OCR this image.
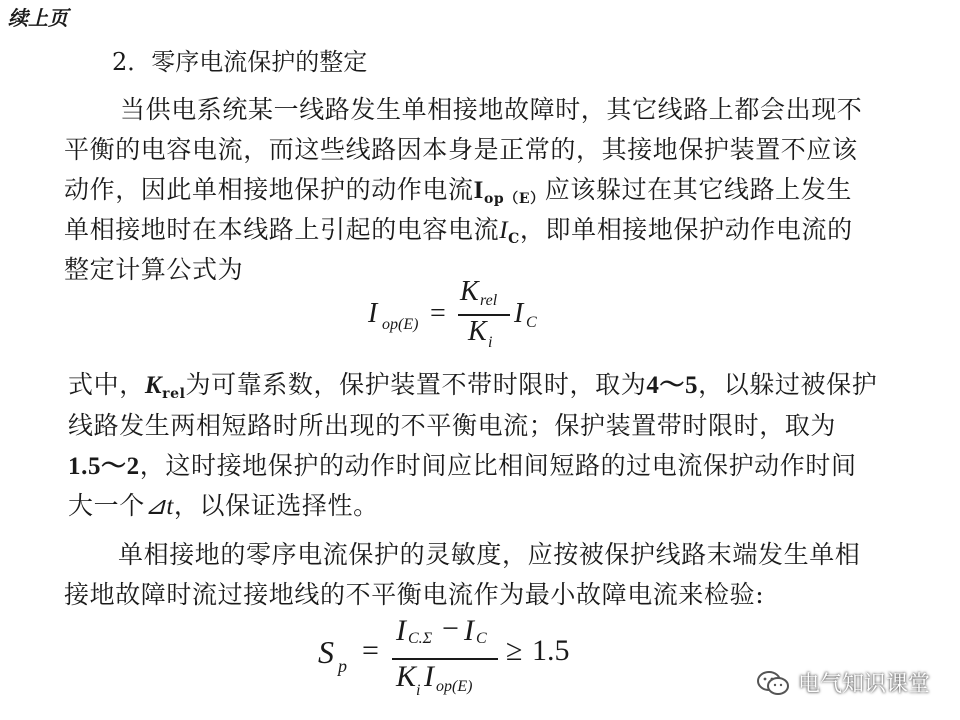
续上页
2．零序电流保护的整定
当供电系统某一线路发生单相接地故障时，其它线路上都会出现不
平衡的电容电流，而这些线路因本身是正常的，其接地保护装置不应该
动作，因此单相接地保护的动作电流$I_{op(E)}$应该躲过在其它线路上发生
单相接地时在本线路上引起的电容电流$I_C$，即单相接地保护动作电流的
整定计算公式为
I op(E) =
K rel
K i
I C
式中，$K_{rel}$为可靠系数，保护装置不带时限时，取为4～5，以躲过被保护
线路发生两相短路时所出现的不平衡电流；保护装置带时限时，取为
1.5～2，这时接地保护的动作时间应比相间短路的过电流保护动作时间
大一个⊿t，以保证选择性。
单相接地的零序电流保护的灵敏度，应按被保护线路末端发生单相
接地故障时流过接地线的不平衡电流作为最小故障电流来检验:
S p =
I C.Σ − I C
K i I op(E)
≥ 1.5
电气知识课堂
